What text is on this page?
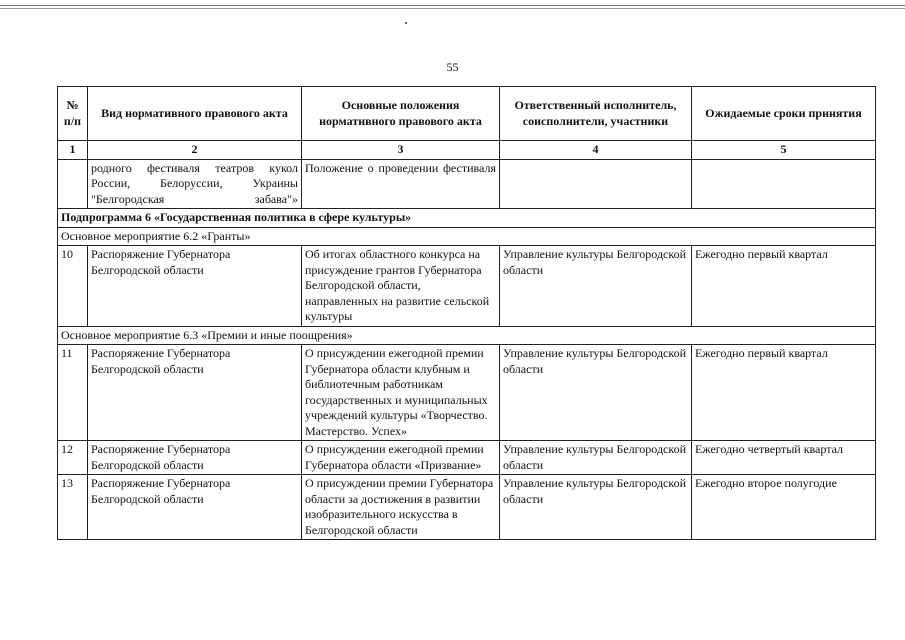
55
№ п/п	Вид нормативного правового акта	Основные положения нормативного правового акта	Ответственный исполнитель, соисполнители, участники	Ожидаемые сроки принятия
1	2	3	4	5
	родного фестиваля театров кукол России, Белоруссии, Украины "Белгородская забава"»	Положение о проведении фестиваля		
Подпрограмма 6 «Государственная политика в сфере культуры»				
Основное мероприятие 6.2 «Гранты»				
10	Распоряжение Губернатора Белгородской области	Об итогах областного конкурса на присуждение грантов Губернатора Белгородской области, направленных на развитие сельской культуры	Управление культуры Белгородской области	Ежегодно первый квартал
Основное мероприятие 6.3 «Премии и иные поощрения»				
11	Распоряжение Губернатора Белгородской области	О присуждении ежегодной премии Губернатора области клубным и библиотечным работникам государственных и муниципальных учреждений культуры «Творчество. Мастерство. Успех»	Управление культуры Белгородской области	Ежегодно первый квартал
12	Распоряжение Губернатора Белгородской области	О присуждении ежегодной премии Губернатора области «Призвание»	Управление культуры Белгородской области	Ежегодно четвертый квартал
13	Распоряжение Губернатора Белгородской области	О присуждении премии Губернатора области за достижения в развитии изобразительного искусства в Белгородской области	Управление культуры Белгородской области	Ежегодно второе полугодие
